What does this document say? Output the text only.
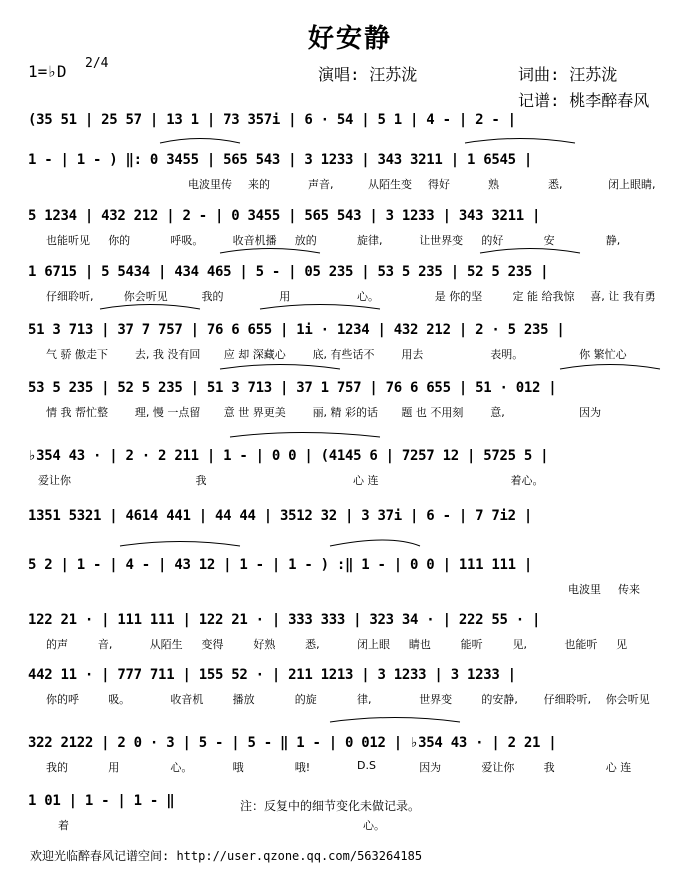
好安静
1=♭D 2/4
演唱: 汪苏泷	词曲: 汪苏泷
记谱: 桃李醉春风
(35 51 | 25 57 | 13 1 | 73 357i | 6 · 54 | 5 1 | 4 - | 2 - |
1 - | 1 - ) ‖: 0 3455 | 565 543 | 3 1233 | 343 3211 | 1 6545 |
电波里传 来的	声音,	从陌生变 得好	熟	悉,	闭上眼睛,
5 1234 | 432 212 | 2 - | 0 3455 | 565 543 | 3 1233 | 343 3211 |
也能听见 你的	呼吸。	收音机播 放的	旋律,	让世界变 的好	安	静,
1 6715 | 5 5434 | 434 465 | 5 - | 05 235 | 53 5 235 | 52 5 235 |
仔细聆听,	你会听见	我的	用	心。	是 你的坚	定 能 给我惊 喜, 让 我有勇
51 3 713 | 37 7 757 | 76 6 655 | 1i · 1234 | 432 212 | 2 · 5 235 |
气 骄 傲走下 去, 我 没有回 应 却 深藏心 底, 有些话不 用去	表明。	你 繁忙心
53 5 235 | 52 5 235 | 51 3 713 | 37 1 757 | 76 6 655 | 51 · 012 |
情 我 帮忙整 理, 慢 一点留 意 世 界更美 丽, 精 彩的话 题 也 不用刻 意,	因为
♭354 43 · | 2 · 2 211 | 1 - | 0 0 | (4145 6 | 7257 12 | 5725 5 |
爱让你	我	心 连	着心。
1351 5321 | 4614 441 | 44 44 | 3512 32 | 3 37i | 6 - | 7 7i2 |
5 2 | 1 - | 4 - | 43 12 | 1 - | 1 - ) :‖ 1 - | 0 0 | 111 111 |
电波里 传来
122 21 · | 111 111 | 122 21 · | 333 333 | 323 34 · | 222 55 · |
的声	音,	从陌生 变得	好熟	悉,	闭上眼 睛也	能听	见,	也能听 见
442 11 · | 777 711 | 155 52 · | 211 1213 | 3 1233 | 3 1233 |
你的呼	吸。	收音机	播放	的旋	律,	世界变	的安静, 仔细聆听, 你会听见
322 2122 | 2 0 · 3 | 5 - | 5 - ‖ 1 - | 0 012 | ♭354 43 · | 2 21 |
我的	用	心。	哦	哦!	D.S	因为	爱让你	我	心 连
1 01 | 1 - | 1 - ‖
着	心。
注：反复中的细节变化未做记录。
欢迎光临醉春风记谱空间: http://user.qzone.qq.com/563264185
